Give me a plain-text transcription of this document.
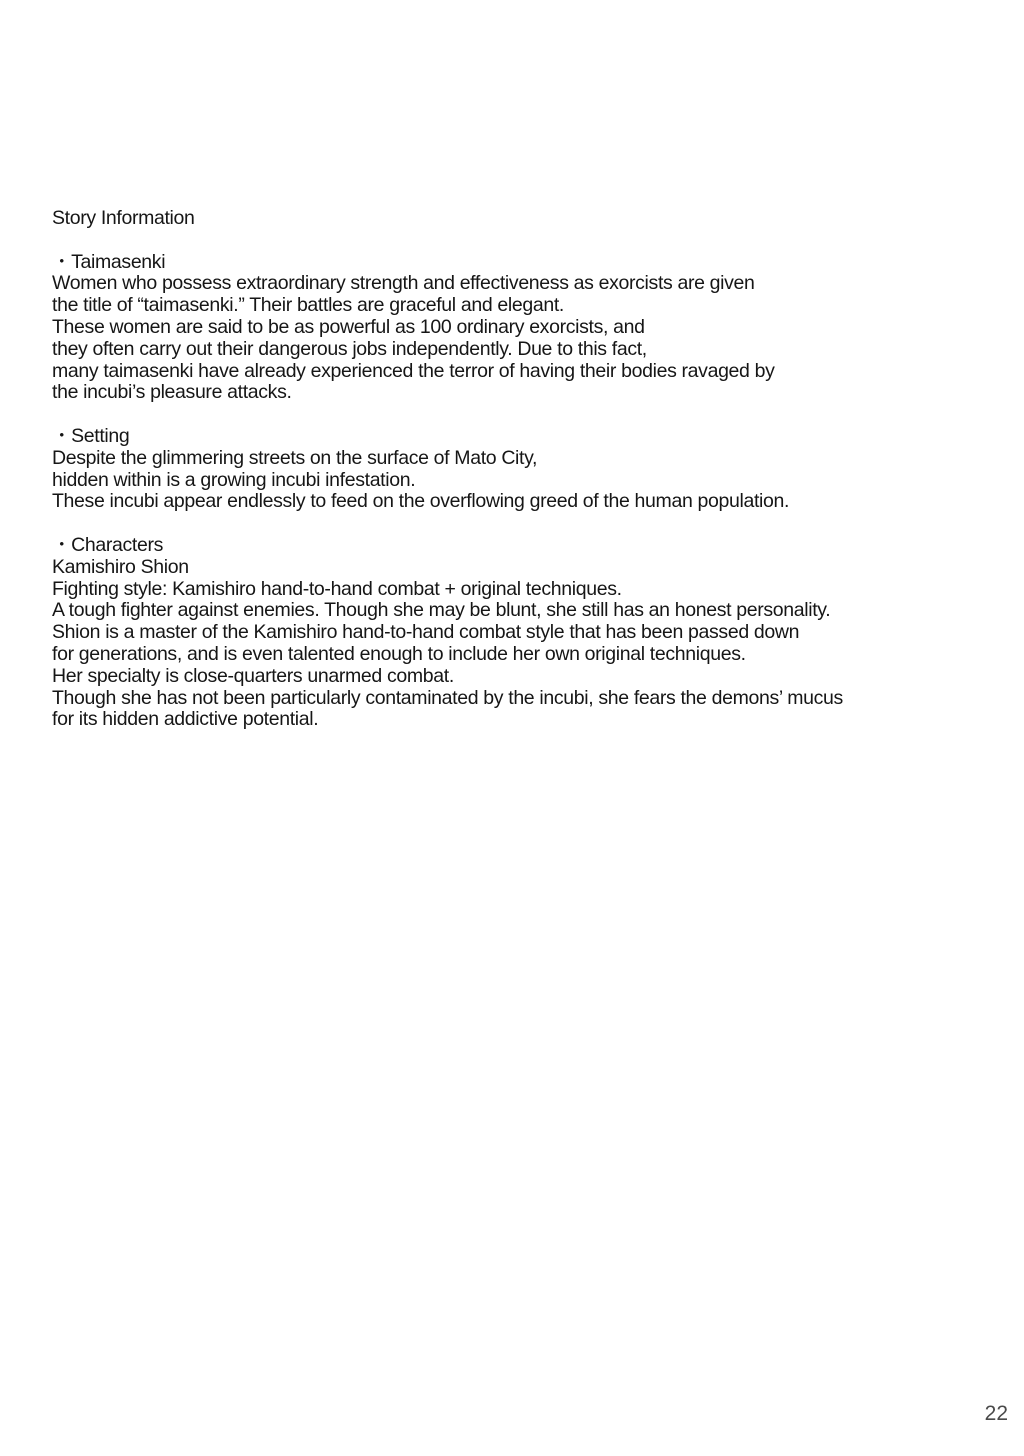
Story Information
・Taimasenki
Women who possess extraordinary strength and effectiveness as exorcists are given
the title of “taimasenki.” Their battles are graceful and elegant.
These women are said to be as powerful as 100 ordinary exorcists, and
they often carry out their dangerous jobs independently. Due to this fact,
many taimasenki have already experienced the terror of having their bodies ravaged by
the incubi’s pleasure attacks.
・Setting
Despite the glimmering streets on the surface of Mato City,
hidden within is a growing incubi infestation.
These incubi appear endlessly to feed on the overflowing greed of the human population.
・Characters
Kamishiro Shion
Fighting style: Kamishiro hand-to-hand combat + original techniques.
A tough fighter against enemies. Though she may be blunt, she still has an honest personality.
Shion is a master of the Kamishiro hand-to-hand combat style that has been passed down
for generations, and is even talented enough to include her own original techniques.
Her specialty is close-quarters unarmed combat.
Though she has not been particularly contaminated by the incubi, she fears the demons’ mucus
for its hidden addictive potential.
22
